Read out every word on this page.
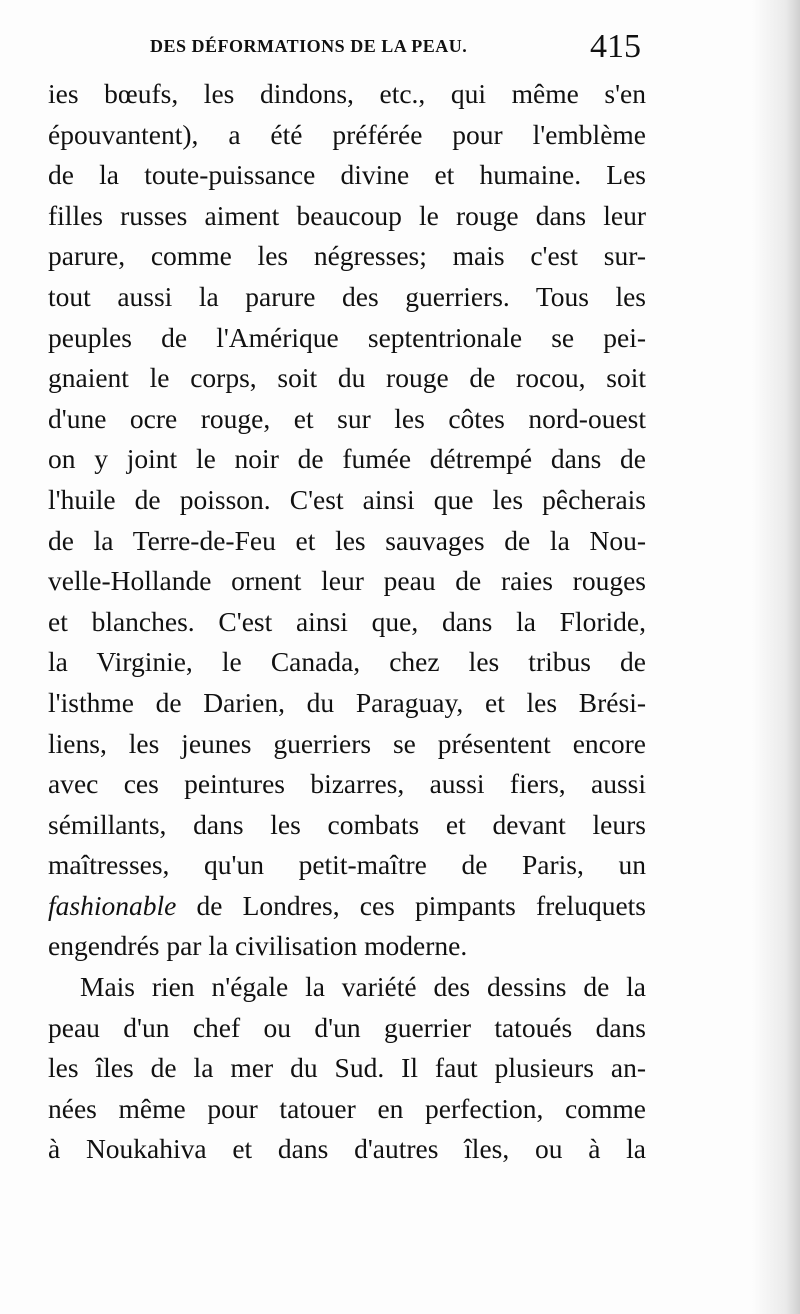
DES DÉFORMATIONS DE LA PEAU.	415
ies bœufs, les dindons, etc., qui même s'en
épouvantent), a été préférée pour l'emblème
de la toute-puissance divine et humaine. Les
filles russes aiment beaucoup le rouge dans leur
parure, comme les négresses; mais c'est sur-
tout aussi la parure des guerriers. Tous les
peuples de l'Amérique septentrionale se pei-
gnaient le corps, soit du rouge de rocou, soit
d'une ocre rouge, et sur les côtes nord-ouest
on y joint le noir de fumée détrempé dans de
l'huile de poisson. C'est ainsi que les pêcherais
de la Terre-de-Feu et les sauvages de la Nou-
velle-Hollande ornent leur peau de raies rouges
et blanches. C'est ainsi que, dans la Floride,
la Virginie, le Canada, chez les tribus de
l'isthme de Darien, du Paraguay, et les Brési-
liens, les jeunes guerriers se présentent encore
avec ces peintures bizarres, aussi fiers, aussi
sémillants, dans les combats et devant leurs
maîtresses, qu'un petit-maître de Paris, un
fashionable de Londres, ces pimpants freluquets
engendrés par la civilisation moderne.
Mais rien n'égale la variété des dessins de la
peau d'un chef ou d'un guerrier tatoués dans
les îles de la mer du Sud. Il faut plusieurs an-
nées même pour tatouer en perfection, comme
à Noukahiva et dans d'autres îles, ou à la
